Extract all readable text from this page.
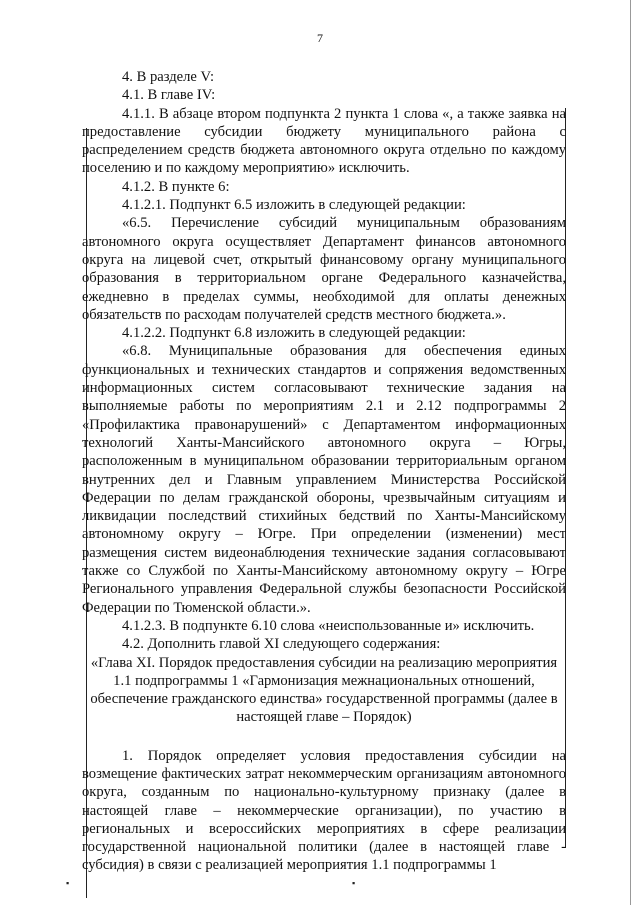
7
▪	▪

4. В разделе V:

4.1. В главе IV:

4.1.1. В абзаце втором подпункта 2 пункта 1 слова «, а также заявка на предоставление субсидии бюджету муниципального района с распределением средств бюджета автономного округа отдельно по каждому поселению и по каждому мероприятию» исключить.

4.1.2. В пункте 6:

4.1.2.1. Подпункт 6.5 изложить в следующей редакции:

«6.5. Перечисление субсидий муниципальным образованиям автономного округа осуществляет Департамент финансов автономного округа на лицевой счет, открытый финансовому органу муниципального образования в территориальном органе Федерального казначейства, ежедневно в пределах суммы, необходимой для оплаты денежных обязательств по расходам получателей средств местного бюджета.».

4.1.2.2. Подпункт 6.8 изложить в следующей редакции:

«6.8. Муниципальные образования для обеспечения единых функциональных и технических стандартов и сопряжения ведомственных информационных систем согласовывают технические задания на выполняемые работы по мероприятиям 2.1 и 2.12 подпрограммы 2 «Профилактика правонарушений» с Департаментом информационных технологий Ханты-Мансийского автономного округа – Югры, расположенным в муниципальном образовании территориальным органом внутренних дел и Главным управлением Министерства Российской Федерации по делам гражданской обороны, чрезвычайным ситуациям и ликвидации последствий стихийных бедствий по Ханты-Мансийскому автономному округу – Югре. При определении (изменении) мест размещения систем видеонаблюдения технические задания согласовывают также со Службой по Ханты-Мансийскому автономному округу – Югре Регионального управления Федеральной службы безопасности Российской Федерации по Тюменской области.».

4.1.2.3. В подпункте 6.10 слова «неиспользованные и» исключить.

4.2. Дополнить главой XI следующего содержания:

«Глава XI. Порядок предоставления субсидии на реализацию мероприятия 1.1 подпрограммы 1 «Гармонизация межнациональных отношений, обеспечение гражданского единства» государственной программы (далее в настоящей главе – Порядок)

1. Порядок определяет условия предоставления субсидии на возмещение фактических затрат некоммерческим организациям автономного округа, созданным по национально-культурному признаку (далее в настоящей главе – некоммерческие организации), по участию в региональных и всероссийских мероприятиях в сфере реализации государственной национальной политики (далее в настоящей главе - субсидия) в связи с реализацией мероприятия 1.1 подпрограммы 1
